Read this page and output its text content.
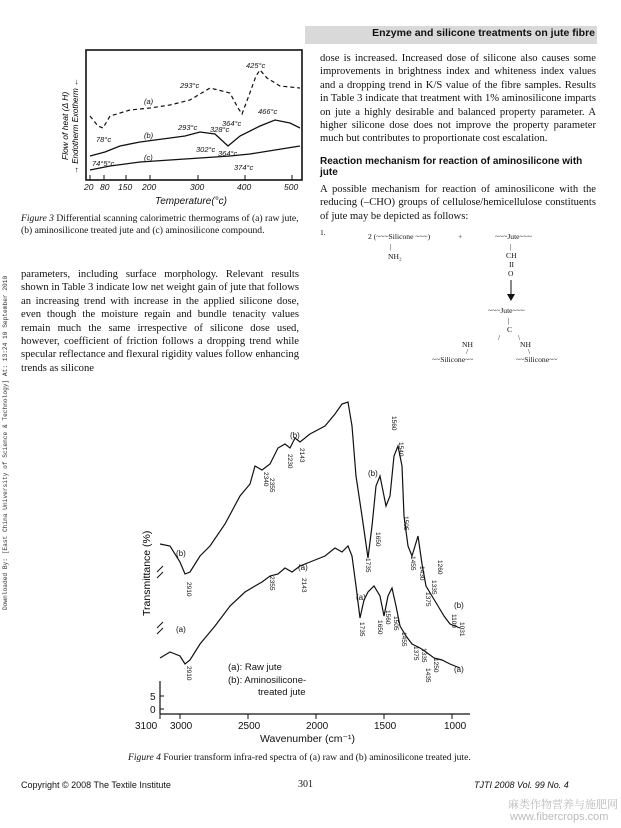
Enzyme and silicone treatments on jute fibre
Downloaded By: [East China University of Science & Technology] At: 13:24 10 September 2010
20 80 150 200	300	400	500
Temperature(°c)
Flow of heat (Δ H) → Endotherm Exotherm ←	(a)
(b)
(c)
425°c
293°c
78°c
364°c
293°c 328°c
466°c
302°c 364°c
74°5°c	374°c
Figure 3 Differential scanning calorimetric thermograms of (a) raw jute, (b) aminosilicone treated jute and (c) aminosilicone compound.

parameters, including surface morphology. Relevant results shown in Table 3 indicate low net weight gain of jute that follows an increasing trend with increase in the applied silicone dose, even though the moisture regain and bundle tenacity values remain much the same irrespective of silicone dose used, however, coefficient of friction follows a dropping trend while specular reflectance and flexural rigidity values follow enhancing trends as silicone

dose is increased. Increased dose of silicone also causes some improvements in brightness index and whiteness index values and a dropping trend in K/S value of the fibre samples. Results in Table 3 indicate that treatment with 1% aminosilicone imparts on jute a highly desirable and balanced property parameter. A higher silicone dose does not improve the property parameter much but contributes to proportionate cost escalation.

Reaction mechanism for reaction of aminosilicone with jute

A possible mechanism for reaction of aminosilicone with the reducing (–CHO) groups of cellulose/hemicellulose constituents of jute may be depicted as follows:

1.	2 (~~~Silicone ~~~)
|
NH₂
+	~~~Jute~~~
|
CH
II
O
~~~Jute~~~
|
C
/ \
NH	NH
/	\
~~Silicone~~	~~Silicone~~
3100 3000	2500	2000	1500	1000
5
0
Wavenumber (cm⁻¹)
Transmittance (%)	(b)
(b)
(b)
(b)
(a)
(a)
(a)
(a)
2910
2355
2340
2230 2143
1735
1650
1560
1540
1505
1455
1430
1375
1335
1260
1109
1031
2910
2355	2143
1735 1650
1560 1505
1455
1375 1335
1250
1435
(a): Raw jute
(b): Aminosilicone-
treated jute
Figure 4 Fourier transform infra-red spectra of (a) raw and (b) aminosilicone treated jute.
Copyright © 2008 The Textile Institute	301	TJTI 2008 Vol. 99 No. 4
麻类作物营养与施肥网
www.fibercrops.com
